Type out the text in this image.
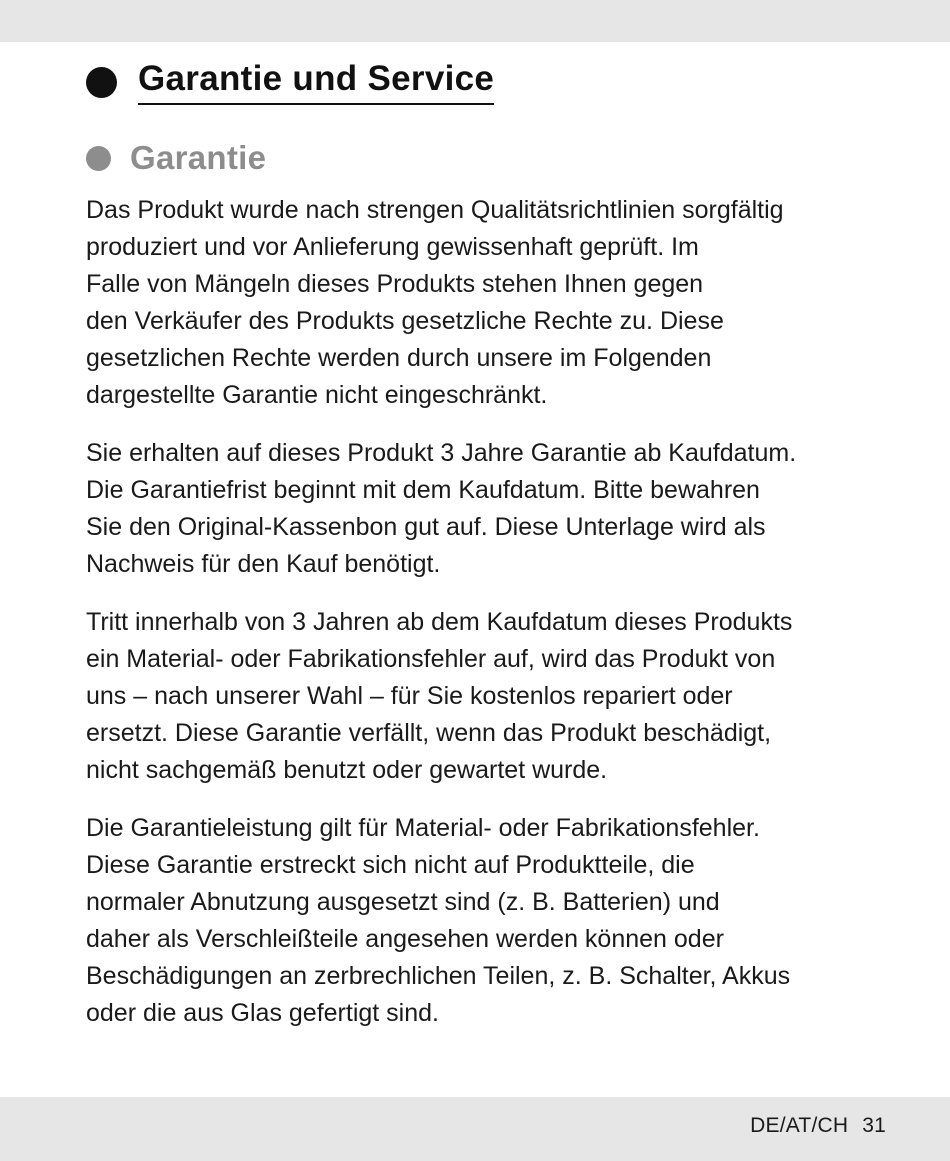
Garantie und Service
Garantie

Das Produkt wurde nach strengen Qualitätsrichtlinien sorgfältig
produziert und vor Anlieferung gewissenhaft geprüft. Im
Falle von Mängeln dieses Produkts stehen Ihnen gegen
den Verkäufer des Produkts gesetzliche Rechte zu. Diese
gesetzlichen Rechte werden durch unsere im Folgenden
dargestellte Garantie nicht eingeschränkt.

Sie erhalten auf dieses Produkt 3 Jahre Garantie ab Kaufdatum.
Die Garantiefrist beginnt mit dem Kaufdatum. Bitte bewahren
Sie den Original-Kassenbon gut auf. Diese Unterlage wird als
Nachweis für den Kauf benötigt.

Tritt innerhalb von 3 Jahren ab dem Kaufdatum dieses Produkts
ein Material- oder Fabrikationsfehler auf, wird das Produkt von
uns – nach unserer Wahl – für Sie kostenlos repariert oder
ersetzt. Diese Garantie verfällt, wenn das Produkt beschädigt,
nicht sachgemäß benutzt oder gewartet wurde.

Die Garantieleistung gilt für Material- oder Fabrikationsfehler.
Diese Garantie erstreckt sich nicht auf Produktteile, die
normaler Abnutzung ausgesetzt sind (z. B. Batterien) und
daher als Verschleißteile angesehen werden können oder
Beschädigungen an zerbrechlichen Teilen, z. B. Schalter, Akkus
oder die aus Glas gefertigt sind.

DE/AT/CH 31
